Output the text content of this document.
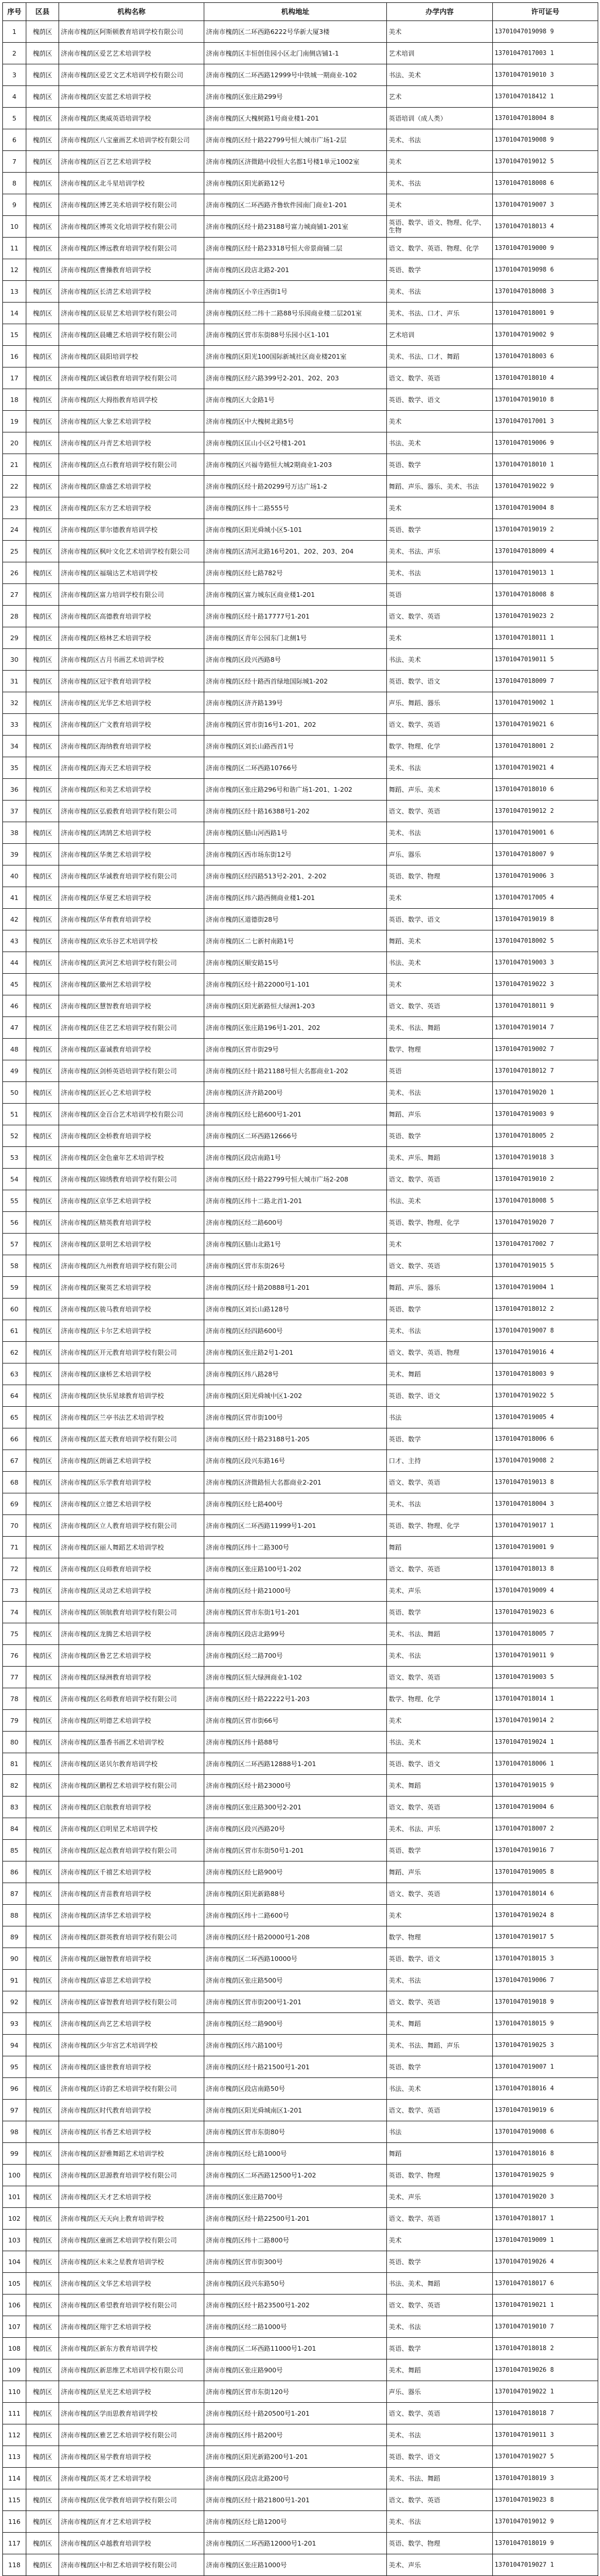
序号	区县	机构名称	机构地址	办学内容	许可证号
1	槐荫区	济南市槐荫区阿斯顿教育培训学校有限公司	济南市槐荫区二环西路6222号华新大厦3楼	美术	13701047019098 9
2	槐荫区	济南市槐荫区爱艺艺术培训学校	济南市槐荫区丰恒创佳园小区北门南侧店铺1-1	艺术培训	13701047017003 1
3	槐荫区	济南市槐荫区爱艺文艺术培训学校有限公司	济南市槐荫区二环西路12999号中铁城一期商业-102	书法、美术	13701047019010 3
4	槐荫区	济南市槐荫区安蓝艺术培训学校	济南市槐荫区张庄路299号	艺术	13701047018412 1
5	槐荫区	济南市槐荫区奥威英语培训学校	济南市槐荫区大槐树路1号商业楼1-201	英语培训（成人类）	13701047018004 8
6	槐荫区	济南市槐荫区八宝童画艺术培训学校有限公司	济南市槐荫区经十路22799号恒大城市广场1-2层	美术、书法	13701047019008 9
7	槐荫区	济南市槐荫区百艺艺术培训学校	济南市槐荫区济微路中段恒大名都1号楼1单元1002室	美术	13701047019012 5
8	槐荫区	济南市槐荫区北斗星培训学校	济南市槐荫区阳光新路12号	美术、书法	13701047018008 6
9	槐荫区	济南市槐荫区博艺美术培训学校有限公司	济南市槐荫区二环西路齐鲁软件园南门商业1-201	美术	13701047019007 3
10	槐荫区	济南市槐荫区博英文化培训学校有限公司	济南市槐荫区经十路23188号富力城商铺1-201室	英语、数学、语文、物理、化学、生物	13701047018013 4
11	槐荫区	济南市槐荫区博远教育培训学校有限公司	济南市槐荫区经十路23318号恒大帝景商铺二层	语文、数学、英语、物理、化学	13701047019000 9
12	槐荫区	济南市槐荫区曹操教育培训学校	济南市槐荫区段店北路2-201	英语、数学	13701047019098 6
13	槐荫区	济南市槐荫区长清艺术培训学校	济南市槐荫区小辛庄西街1号	美术、书法	13701047018008 3
14	槐荫区	济南市槐荫区辰星艺术培训学校有限公司	济南市槐荫区经二纬十二路88号乐园商业楼二层201室	美术、书法、口才、声乐	13701047018001 9
15	槐荫区	济南市槐荫区晨曦艺术培训学校有限公司	济南市槐荫区营市东街88号乐园小区1-101	艺术培训	13701047019002 9
16	槐荫区	济南市槐荫区晨阳培训学校	济南市槐荫区阳光100国际新城社区商业楼201室	美术、书法、口才、舞蹈	13701047018003 6
17	槐荫区	济南市槐荫区诚信教育培训学校有限公司	济南市槐荫区经六路399号2-201、202、203	语文、数学、英语	13701047018010 4
18	槐荫区	济南市槐荫区大拇指教育培训学校	济南市槐荫区大金路1号	英语、数学、语文	13701047019010 8
19	槐荫区	济南市槐荫区大象艺术培训学校	济南市槐荫区中大槐树北路5号	美术	13701047017001 3
20	槐荫区	济南市槐荫区丹青艺术培训学校	济南市槐荫区匡山小区2号楼1-201	书法、美术	13701047019006 9
21	槐荫区	济南市槐荫区点石教育培训学校有限公司	济南市槐荫区兴福寺路恒大城2期商业1-203	英语、数学	13701047018010 1
22	槐荫区	济南市槐荫区鼎盛艺术培训学校	济南市槐荫区经十路20299号万达广场1-2	舞蹈、声乐、器乐、美术、书法	13701047019022 9
23	槐荫区	济南市槐荫区东方艺术培训学校	济南市槐荫区纬十二路555号	美术	13701047019004 8
24	槐荫区	济南市槐荫区菲尔德教育培训学校	济南市槐荫区阳光舜城小区5-101	英语、数学	13701047019019 2
25	槐荫区	济南市槐荫区枫叶文化艺术培训学校有限公司	济南市槐荫区清河北路16号201、202、203、204	美术、书法、声乐	13701047018009 4
26	槐荫区	济南市槐荫区福瑞达艺术培训学校	济南市槐荫区经七路782号	美术、书法	13701047019013 1
27	槐荫区	济南市槐荫区富力培训学校有限公司	济南市槐荫区富力城东区商业楼1-201	英语	13701047018008 8
28	槐荫区	济南市槐荫区高德教育培训学校	济南市槐荫区经十路17777号1-201	语文、数学、英语	13701047019023 2
29	槐荫区	济南市槐荫区格林艺术培训学校	济南市槐荫区青年公园东门北侧1号	美术	13701047018011 1
30	槐荫区	济南市槐荫区古月书画艺术培训学校	济南市槐荫区段兴西路8号	书法、美术	13701047019011 5
31	槐荫区	济南市槐荫区冠宇教育培训学校	济南市槐荫区经十路西首绿地国际城1-202	英语、数学、语文	13701047018009 7
32	槐荫区	济南市槐荫区光华艺术培训学校	济南市槐荫区济齐路139号	声乐、舞蹈、器乐	13701047019002 1
33	槐荫区	济南市槐荫区广文教育培训学校	济南市槐荫区营市街16号1-201、202	语文、数学、英语	13701047019021 6
34	槐荫区	济南市槐荫区海纳教育培训学校	济南市槐荫区刘长山路西首1号	数学、物理、化学	13701047018001 2
35	槐荫区	济南市槐荫区海天艺术培训学校	济南市槐荫区二环西路10766号	美术、书法	13701047019021 4
36	槐荫区	济南市槐荫区和美艺术培训学校	济南市槐荫区张庄路296号和谐广场1-201、1-202	舞蹈、声乐、美术	13701047018010 6
37	槐荫区	济南市槐荫区弘毅教育培训学校有限公司	济南市槐荫区经十路16388号1-202	语文、数学、英语	13701047019012 2
38	槐荫区	济南市槐荫区鸿鹄艺术培训学校	济南市槐荫区腊山河西路1号	美术、书法	13701047019001 6
39	槐荫区	济南市槐荫区华奥艺术培训学校	济南市槐荫区西市场东街12号	声乐、器乐	13701047018007 9
40	槐荫区	济南市槐荫区华诚教育培训学校有限公司	济南市槐荫区经四路513号2-201、2-202	英语、数学、物理	13701047019006 3
41	槐荫区	济南市槐荫区华夏艺术培训学校	济南市槐荫区纬六路西侧商业楼1-201	美术	13701047017005 4
42	槐荫区	济南市槐荫区华育教育培训学校	济南市槐荫区道德街28号	英语、数学、语文	13701047019019 8
43	槐荫区	济南市槐荫区欢乐谷艺术培训学校	济南市槐荫区二七新村南路1号	舞蹈、美术	13701047018002 5
44	槐荫区	济南市槐荫区黄河艺术培训学校有限公司	济南市槐荫区顺安路15号	书法、美术	13701047019003 3
45	槐荫区	济南市槐荫区徽州艺术培训学校	济南市槐荫区经十路22000号1-101	美术	13701047019022 3
46	槐荫区	济南市槐荫区慧智教育培训学校	济南市槐荫区阳光新路恒大绿洲1-203	语文、数学、英语	13701047018011 9
47	槐荫区	济南市槐荫区佳艺艺术培训学校有限公司	济南市槐荫区张庄路196号1-201、202	美术、书法、舞蹈	13701047019014 7
48	槐荫区	济南市槐荫区嘉诚教育培训学校	济南市槐荫区营市街29号	数学、物理	13701047019002 7
49	槐荫区	济南市槐荫区剑桥英语培训学校有限公司	济南市槐荫区经十路21188号恒大名都商业1-202	英语	13701047018012 7
50	槐荫区	济南市槐荫区匠心艺术培训学校	济南市槐荫区济齐路200号	美术、书法	13701047019020 1
51	槐荫区	济南市槐荫区金百合艺术培训学校有限公司	济南市槐荫区经七路600号1-201	舞蹈、声乐	13701047019003 9
52	槐荫区	济南市槐荫区金桥教育培训学校	济南市槐荫区二环西路12666号	英语、数学	13701047018005 2
53	槐荫区	济南市槐荫区金色童年艺术培训学校	济南市槐荫区段店南路1号	美术、声乐、舞蹈	13701047019018 3
54	槐荫区	济南市槐荫区锦绣教育培训学校有限公司	济南市槐荫区经十路22799号恒大城市广场2-208	语文、数学、英语	13701047019010 2
55	槐荫区	济南市槐荫区京华艺术培训学校	济南市槐荫区纬十二路北首1-201	书法、美术	13701047018008 5
56	槐荫区	济南市槐荫区精英教育培训学校	济南市槐荫区经二路600号	英语、数学、物理、化学	13701047019020 7
57	槐荫区	济南市槐荫区景明艺术培训学校	济南市槐荫区腊山北路1号	美术	13701047017002 7
58	槐荫区	济南市槐荫区九州教育培训学校有限公司	济南市槐荫区营市东街26号	语文、数学、英语	13701047019015 5
59	槐荫区	济南市槐荫区聚英艺术培训学校	济南市槐荫区经十路20888号1-201	舞蹈、声乐、器乐	13701047019004 1
60	槐荫区	济南市槐荫区骏马教育培训学校	济南市槐荫区刘长山路128号	英语、数学	13701047018012 2
61	槐荫区	济南市槐荫区卡尔艺术培训学校	济南市槐荫区经四路600号	美术、书法	13701047019007 8
62	槐荫区	济南市槐荫区开元教育培训学校有限公司	济南市槐荫区张庄路2号1-201	语文、数学、英语、物理	13701047019016 4
63	槐荫区	济南市槐荫区康桥艺术培训学校	济南市槐荫区纬八路28号	美术、舞蹈	13701047018003 9
64	槐荫区	济南市槐荫区快乐星球教育培训学校	济南市槐荫区阳光舜城中区1-202	英语、数学、语文	13701047019022 5
65	槐荫区	济南市槐荫区兰亭书法艺术培训学校	济南市槐荫区营市街100号	书法	13701047019005 4
66	槐荫区	济南市槐荫区蓝天教育培训学校有限公司	济南市槐荫区经十路23188号1-205	英语、数学	13701047018006 6
67	槐荫区	济南市槐荫区朗诵艺术培训学校	济南市槐荫区段兴东路16号	口才、主持	13701047019008 2
68	槐荫区	济南市槐荫区乐学教育培训学校	济南市槐荫区济微路恒大名都商业2-201	语文、数学、英语	13701047019013 8
69	槐荫区	济南市槐荫区立德艺术培训学校	济南市槐荫区经七路400号	美术、书法	13701047018004 3
70	槐荫区	济南市槐荫区立人教育培训学校有限公司	济南市槐荫区二环西路11999号1-201	英语、数学、物理、化学	13701047019017 1
71	槐荫区	济南市槐荫区丽人舞蹈艺术培训学校	济南市槐荫区纬十二路300号	舞蹈	13701047019001 9
72	槐荫区	济南市槐荫区良师教育培训学校	济南市槐荫区张庄路100号1-202	语文、数学、英语	13701047018013 8
73	槐荫区	济南市槐荫区灵动艺术培训学校	济南市槐荫区经十路21000号	美术、声乐	13701047019009 4
74	槐荫区	济南市槐荫区领航教育培训学校有限公司	济南市槐荫区营市东街1号1-201	英语、数学	13701047019023 6
75	槐荫区	济南市槐荫区龙腾艺术培训学校	济南市槐荫区段店北路99号	美术、书法、舞蹈	13701047018005 7
76	槐荫区	济南市槐荫区鲁艺艺术培训学校	济南市槐荫区经二路700号	美术、书法	13701047019011 9
77	槐荫区	济南市槐荫区绿洲教育培训学校	济南市槐荫区恒大绿洲商业1-102	语文、数学、英语	13701047019003 5
78	槐荫区	济南市槐荫区名师教育培训学校有限公司	济南市槐荫区经十路22222号1-203	数学、物理、化学	13701047018014 1
79	槐荫区	济南市槐荫区明德艺术培训学校	济南市槐荫区营市街66号	美术	13701047019014 2
80	槐荫区	济南市槐荫区墨香书画艺术培训学校	济南市槐荫区纬十路88号	书法、美术	13701047019024 1
81	槐荫区	济南市槐荫区诺贝尔教育培训学校	济南市槐荫区二环西路12888号1-201	英语、数学、语文	13701047018006 1
82	槐荫区	济南市槐荫区鹏程艺术培训学校有限公司	济南市槐荫区经十路23000号	美术、舞蹈	13701047019015 9
83	槐荫区	济南市槐荫区启航教育培训学校	济南市槐荫区张庄路300号2-201	语文、数学、英语	13701047019004 6
84	槐荫区	济南市槐荫区启明星艺术培训学校	济南市槐荫区段兴西路20号	美术、书法、声乐	13701047018007 2
85	槐荫区	济南市槐荫区起点教育培训学校有限公司	济南市槐荫区营市东街50号1-201	英语、数学	13701047019016 7
86	槐荫区	济南市槐荫区千禧艺术培训学校	济南市槐荫区经七路900号	舞蹈、声乐	13701047019005 8
87	槐荫区	济南市槐荫区青苗教育培训学校	济南市槐荫区阳光新路88号	语文、数学、英语	13701047018014 6
88	槐荫区	济南市槐荫区清华艺术培训学校	济南市槐荫区纬十二路600号	美术	13701047019024 8
89	槐荫区	济南市槐荫区群英教育培训学校有限公司	济南市槐荫区经十路20000号1-208	数学、物理	13701047019017 5
90	槐荫区	济南市槐荫区融智教育培训学校	济南市槐荫区二环西路10000号	英语、数学、语文	13701047018015 3
91	槐荫区	济南市槐荫区睿思艺术培训学校	济南市槐荫区张庄路500号	美术、书法	13701047019006 7
92	槐荫区	济南市槐荫区睿智教育培训学校有限公司	济南市槐荫区营市街200号1-201	语文、数学、英语	13701047019018 9
93	槐荫区	济南市槐荫区尚艺艺术培训学校	济南市槐荫区经二路900号	美术、舞蹈	13701047018015 9
94	槐荫区	济南市槐荫区少年宫艺术培训学校	济南市槐荫区纬六路100号	美术、书法、舞蹈、声乐	13701047019025 3
95	槐荫区	济南市槐荫区盛世教育培训学校	济南市槐荫区经十路21500号1-201	英语、数学	13701047019007 1
96	槐荫区	济南市槐荫区诗韵艺术培训学校有限公司	济南市槐荫区段店南路50号	书法、美术	13701047018016 4
97	槐荫区	济南市槐荫区时代教育培训学校	济南市槐荫区阳光舜城南区1-201	语文、数学、英语	13701047019019 6
98	槐荫区	济南市槐荫区书香艺术培训学校	济南市槐荫区营市东街80号	书法	13701047019008 6
99	槐荫区	济南市槐荫区舒雅舞蹈艺术培训学校	济南市槐荫区经七路1000号	舞蹈	13701047018016 8
100	槐荫区	济南市槐荫区思源教育培训学校有限公司	济南市槐荫区二环西路12500号1-202	英语、数学、物理	13701047019025 9
101	槐荫区	济南市槐荫区天才艺术培训学校	济南市槐荫区张庄路700号	美术、声乐	13701047019020 3
102	槐荫区	济南市槐荫区天天向上教育培训学校	济南市槐荫区经十路22500号1-201	语文、数学、英语	13701047018017 1
103	槐荫区	济南市槐荫区童画艺术培训学校有限公司	济南市槐荫区纬十二路800号	美术	13701047019009 1
104	槐荫区	济南市槐荫区未来之星教育培训学校	济南市槐荫区营市街300号	英语、数学	13701047019026 4
105	槐荫区	济南市槐荫区文华艺术培训学校	济南市槐荫区段兴东路50号	书法、美术、舞蹈	13701047018017 6
106	槐荫区	济南市槐荫区希望教育培训学校有限公司	济南市槐荫区经十路23500号1-202	语文、数学、英语	13701047019021 1
107	槐荫区	济南市槐荫区翔宇艺术培训学校	济南市槐荫区经二路1000号	美术、书法	13701047019010 7
108	槐荫区	济南市槐荫区新东方教育培训学校	济南市槐荫区二环西路11000号1-201	英语、数学	13701047018018 2
109	槐荫区	济南市槐荫区新思维艺术培训学校有限公司	济南市槐荫区张庄路900号	美术、舞蹈	13701047019026 8
110	槐荫区	济南市槐荫区星光艺术培训学校	济南市槐荫区营市东街120号	声乐、器乐	13701047019022 1
111	槐荫区	济南市槐荫区学而思教育培训学校	济南市槐荫区经十路20500号1-201	语文、数学、英语	13701047018018 7
112	槐荫区	济南市槐荫区雅艺艺术培训学校有限公司	济南市槐荫区纬十路200号	美术、书法	13701047019011 3
113	槐荫区	济南市槐荫区易学教育培训学校	济南市槐荫区阳光新路200号1-201	英语、数学、语文	13701047019027 5
114	槐荫区	济南市槐荫区英才艺术培训学校	济南市槐荫区段店北路200号	美术、书法、舞蹈	13701047018019 3
115	槐荫区	济南市槐荫区优学教育培训学校有限公司	济南市槐荫区经十路21800号1-201	语文、数学、英语	13701047019023 8
116	槐荫区	济南市槐荫区育才艺术培训学校	济南市槐荫区经七路1200号	美术、书法	13701047019012 9
117	槐荫区	济南市槐荫区卓越教育培训学校	济南市槐荫区二环西路12000号1-201	英语、数学、物理	13701047018019 9
118	槐荫区	济南市槐荫区中和艺术培训学校有限公司	济南市槐荫区张庄路1000号	美术、声乐	13701047019027 1
